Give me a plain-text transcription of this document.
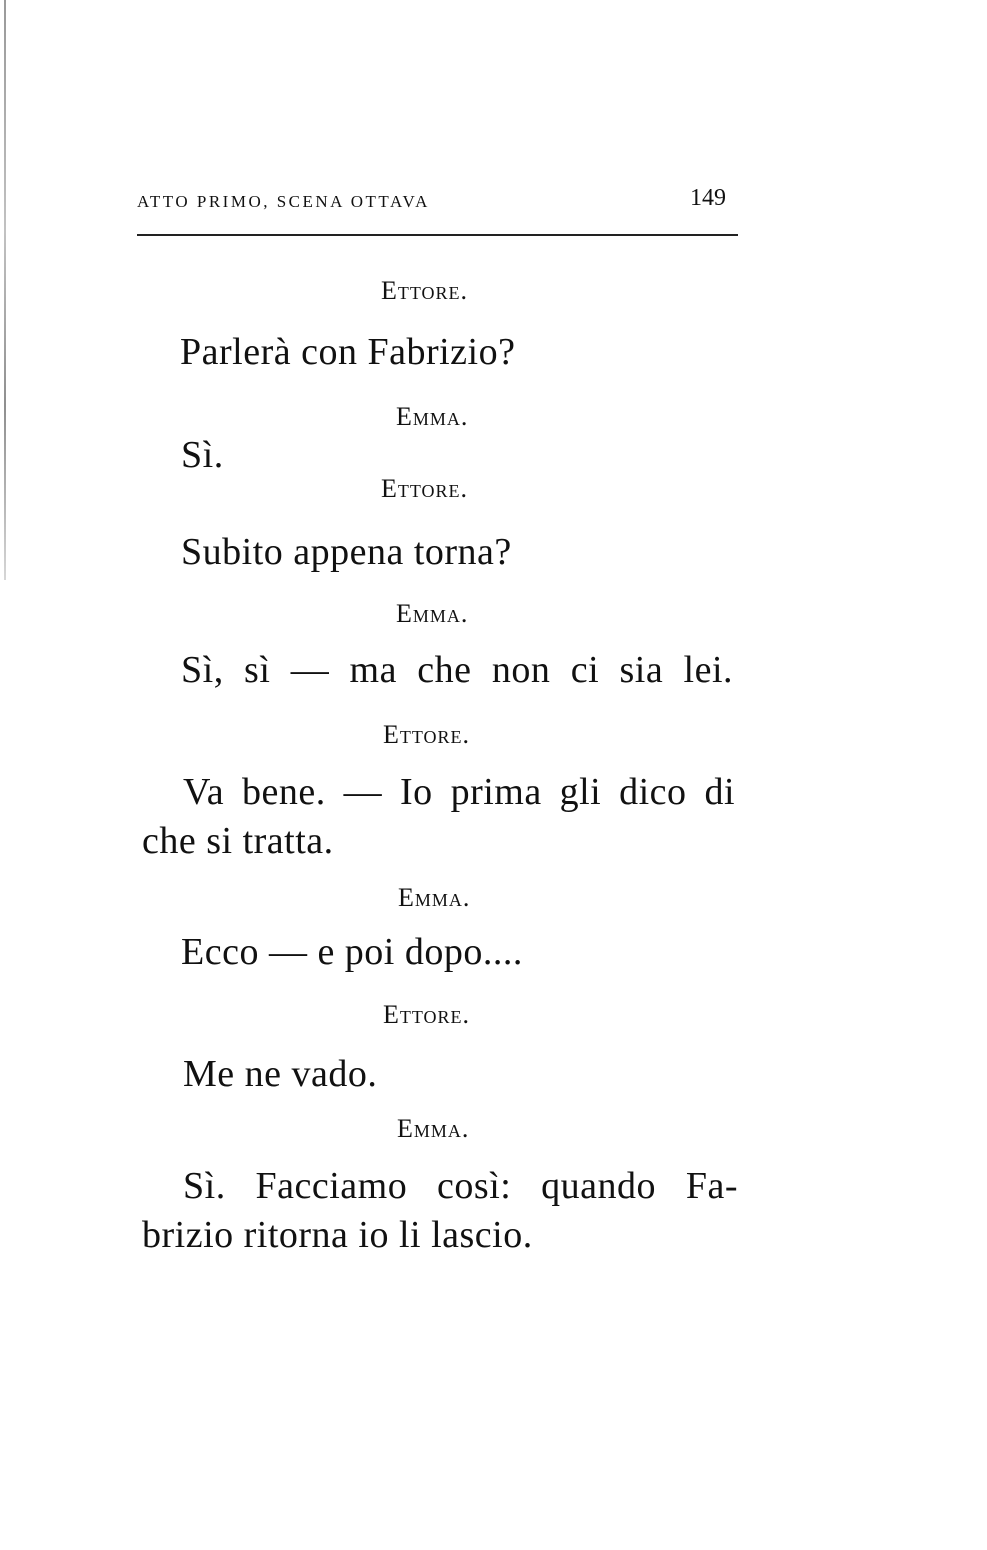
ATTO PRIMO, SCENA OTTAVA	149
Ettore.
Parlerà con Fabrizio?
Emma.
Sì.
Ettore.
Subito appena torna?
Emma.
Sì, sì — ma che non ci sia lei.
Ettore.
Va bene. — Io prima gli dico di
che si tratta.
Emma.
Ecco — e poi dopo....
Ettore.
Me ne vado.
Emma.
Sì. Facciamo così: quando Fa-
brizio ritorna io li lascio.
